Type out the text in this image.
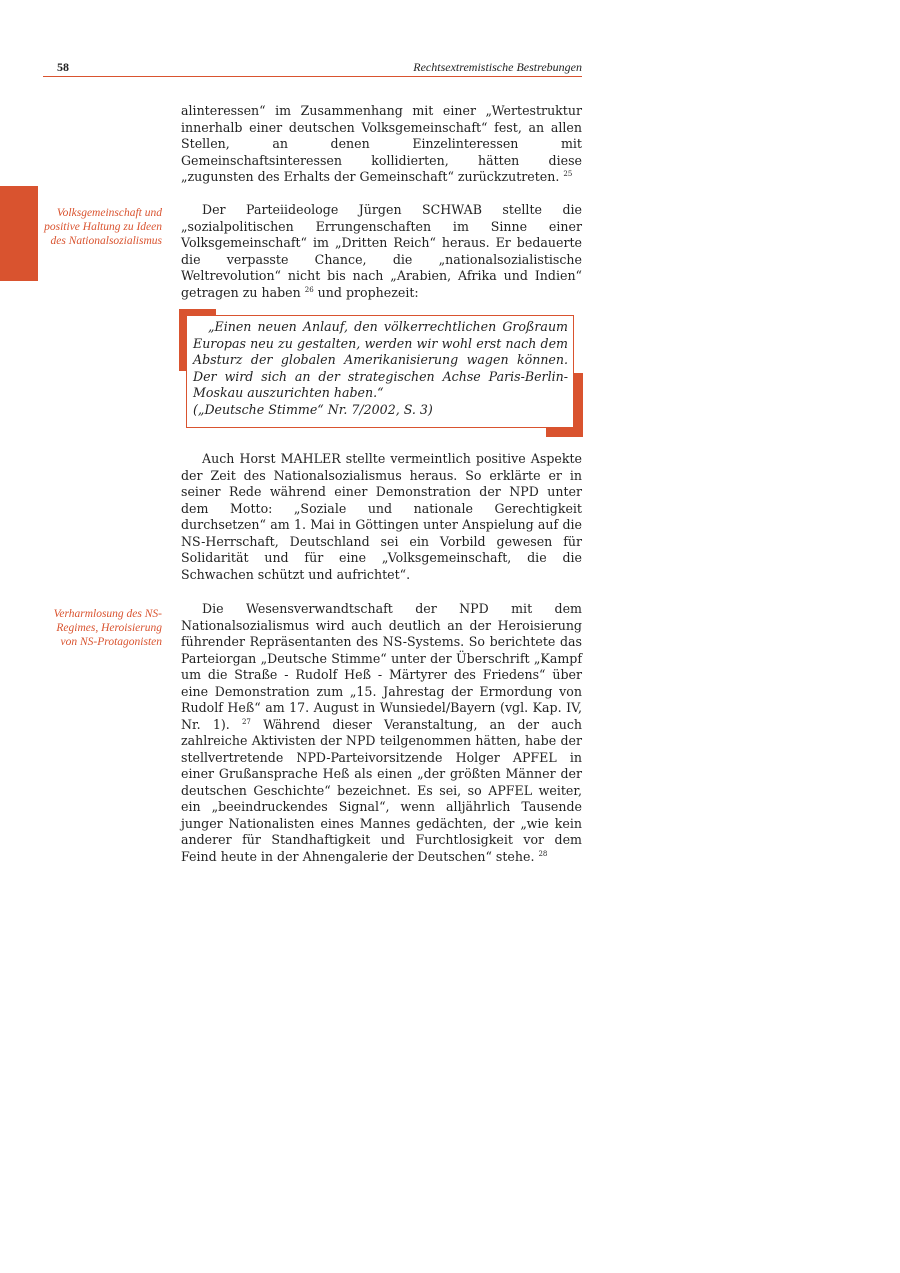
58	Rechtsextremistische Bestrebungen
Volksgemeinschaft und positive Haltung zu Ideen des Nationalsozialismus
Verharmlosung des NS-Regimes, Heroisierung von NS-Protagonisten

alinteressen“ im Zusammenhang mit einer „Wertestruktur innerhalb einer deutschen Volksgemeinschaft“ fest, an allen Stellen, an denen Einzelinteressen mit Gemeinschaftsinteressen kollidierten, hätten diese „zugunsten des Erhalts der Gemeinschaft“ zurückzutreten. $^{25}$

Der Parteiideologe Jürgen SCHWAB stellte die „sozialpolitischen Errungenschaften im Sinne einer Volksgemeinschaft“ im „Dritten Reich“ heraus. Er bedauerte die verpasste Chance, die „nationalsozialistische Weltrevolution“ nicht bis nach „Arabien, Afrika und Indien“ getragen zu haben $^{26}$ und prophezeit:

„Einen neuen Anlauf, den völkerrechtlichen Großraum Europas neu zu gestalten, werden wir wohl erst nach dem Absturz der globalen Amerikanisierung wagen können. Der wird sich an der strategischen Achse Paris-Berlin-Moskau auszurichten haben.“

(„Deutsche Stimme“ Nr. 7/2002, S. 3)

Auch Horst MAHLER stellte vermeintlich positive Aspekte der Zeit des Nationalsozialismus heraus. So erklärte er in seiner Rede während einer Demonstration der NPD unter dem Motto: „Soziale und nationale Gerechtigkeit durchsetzen“ am 1. Mai in Göttingen unter Anspielung auf die NS-Herrschaft, Deutschland sei ein Vorbild gewesen für Solidarität und für eine „Volksgemeinschaft, die die Schwachen schützt und aufrichtet“.

Die Wesensverwandtschaft der NPD mit dem Nationalsozialismus wird auch deutlich an der Heroisierung führender Repräsentanten des NS-Systems. So berichtete das Parteiorgan „Deutsche Stimme“ unter der Überschrift „Kampf um die Straße - Rudolf Heß - Märtyrer des Friedens“ über eine Demonstration zum „15. Jahrestag der Ermordung von Rudolf Heß“ am 17. August in Wunsiedel/Bayern (vgl. Kap. IV, Nr. 1). $^{27}$ Während dieser Veranstaltung, an der auch zahlreiche Aktivisten der NPD teilgenommen hätten, habe der stellvertretende NPD-Parteivorsitzende Holger APFEL in einer Grußansprache Heß als einen „der größten Männer der deutschen Geschichte“ bezeichnet. Es sei, so APFEL weiter, ein „beeindruckendes Signal“, wenn alljährlich Tausende junger Nationalisten eines Mannes gedächten, der „wie kein anderer für Standhaftigkeit und Furchtlosigkeit vor dem Feind heute in der Ahnengalerie der Deutschen“ stehe. $^{28}$
